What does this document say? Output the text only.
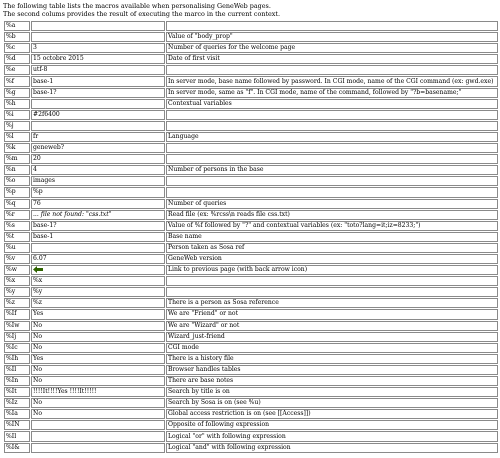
The following table lists the macros available when personalising GeneWeb pages.

The second colums provides the result of executing the marco in the current context.

%a		
%b		Value of "body_prop"
%c	3	Number of queries for the welcome page
%d	15 octobre 2015	Date of first visit
%e	utf-8	
%f	base-1	In server mode, base name followed by password. In CGI mode, name of the CGI command (ex: gwd.exe)
%g	base-1?	In server mode, same as "f". In CGI mode, name of the command, followed by "?b=basename;"
%h		Contextual variables
%i	#2f6400	
%j		
%l	fr	Language
%k	geneweb?	
%m	20	
%n	4	Number of persons in the base
%o	images	
%p	%p	
%q	76	Number of queries
%r	... file not found: "css.txt"	Read file (ex: %rcss\n reads file css.txt)
%s	base-1?	Value of %f followed by "?" and contextual variables (ex: "toto?lang=it;iz=8233;")
%t	base-1	Base name
%u		Person taken as Sosa ref
%v	6.07	GeneWeb version
%w		Link to previous page (with back arrow icon)
%x	%x	
%y	%y	
%z	%z	There is a person as Sosa reference
%If	Yes	We are "Friend" or not
%Iw	No	We are "Wizard" or not
%Ij	No	Wizard_just-friend
%Ic	No	CGI mode
%Ih	Yes	There is a history file
%Il	No	Browser handles tables
%In	No	There are base notes
%It	!!!!It!!!!Yes !!!!It!!!!!	Search by title is on
%Iz	No	Search by Sosa is on (see %u)
%Ia	No	Global access restriction is on (see [[Access]])
%IN		Opposite of following expression
%Il		Logical "or" with following expression
%I&		Logical "and" with following expression
